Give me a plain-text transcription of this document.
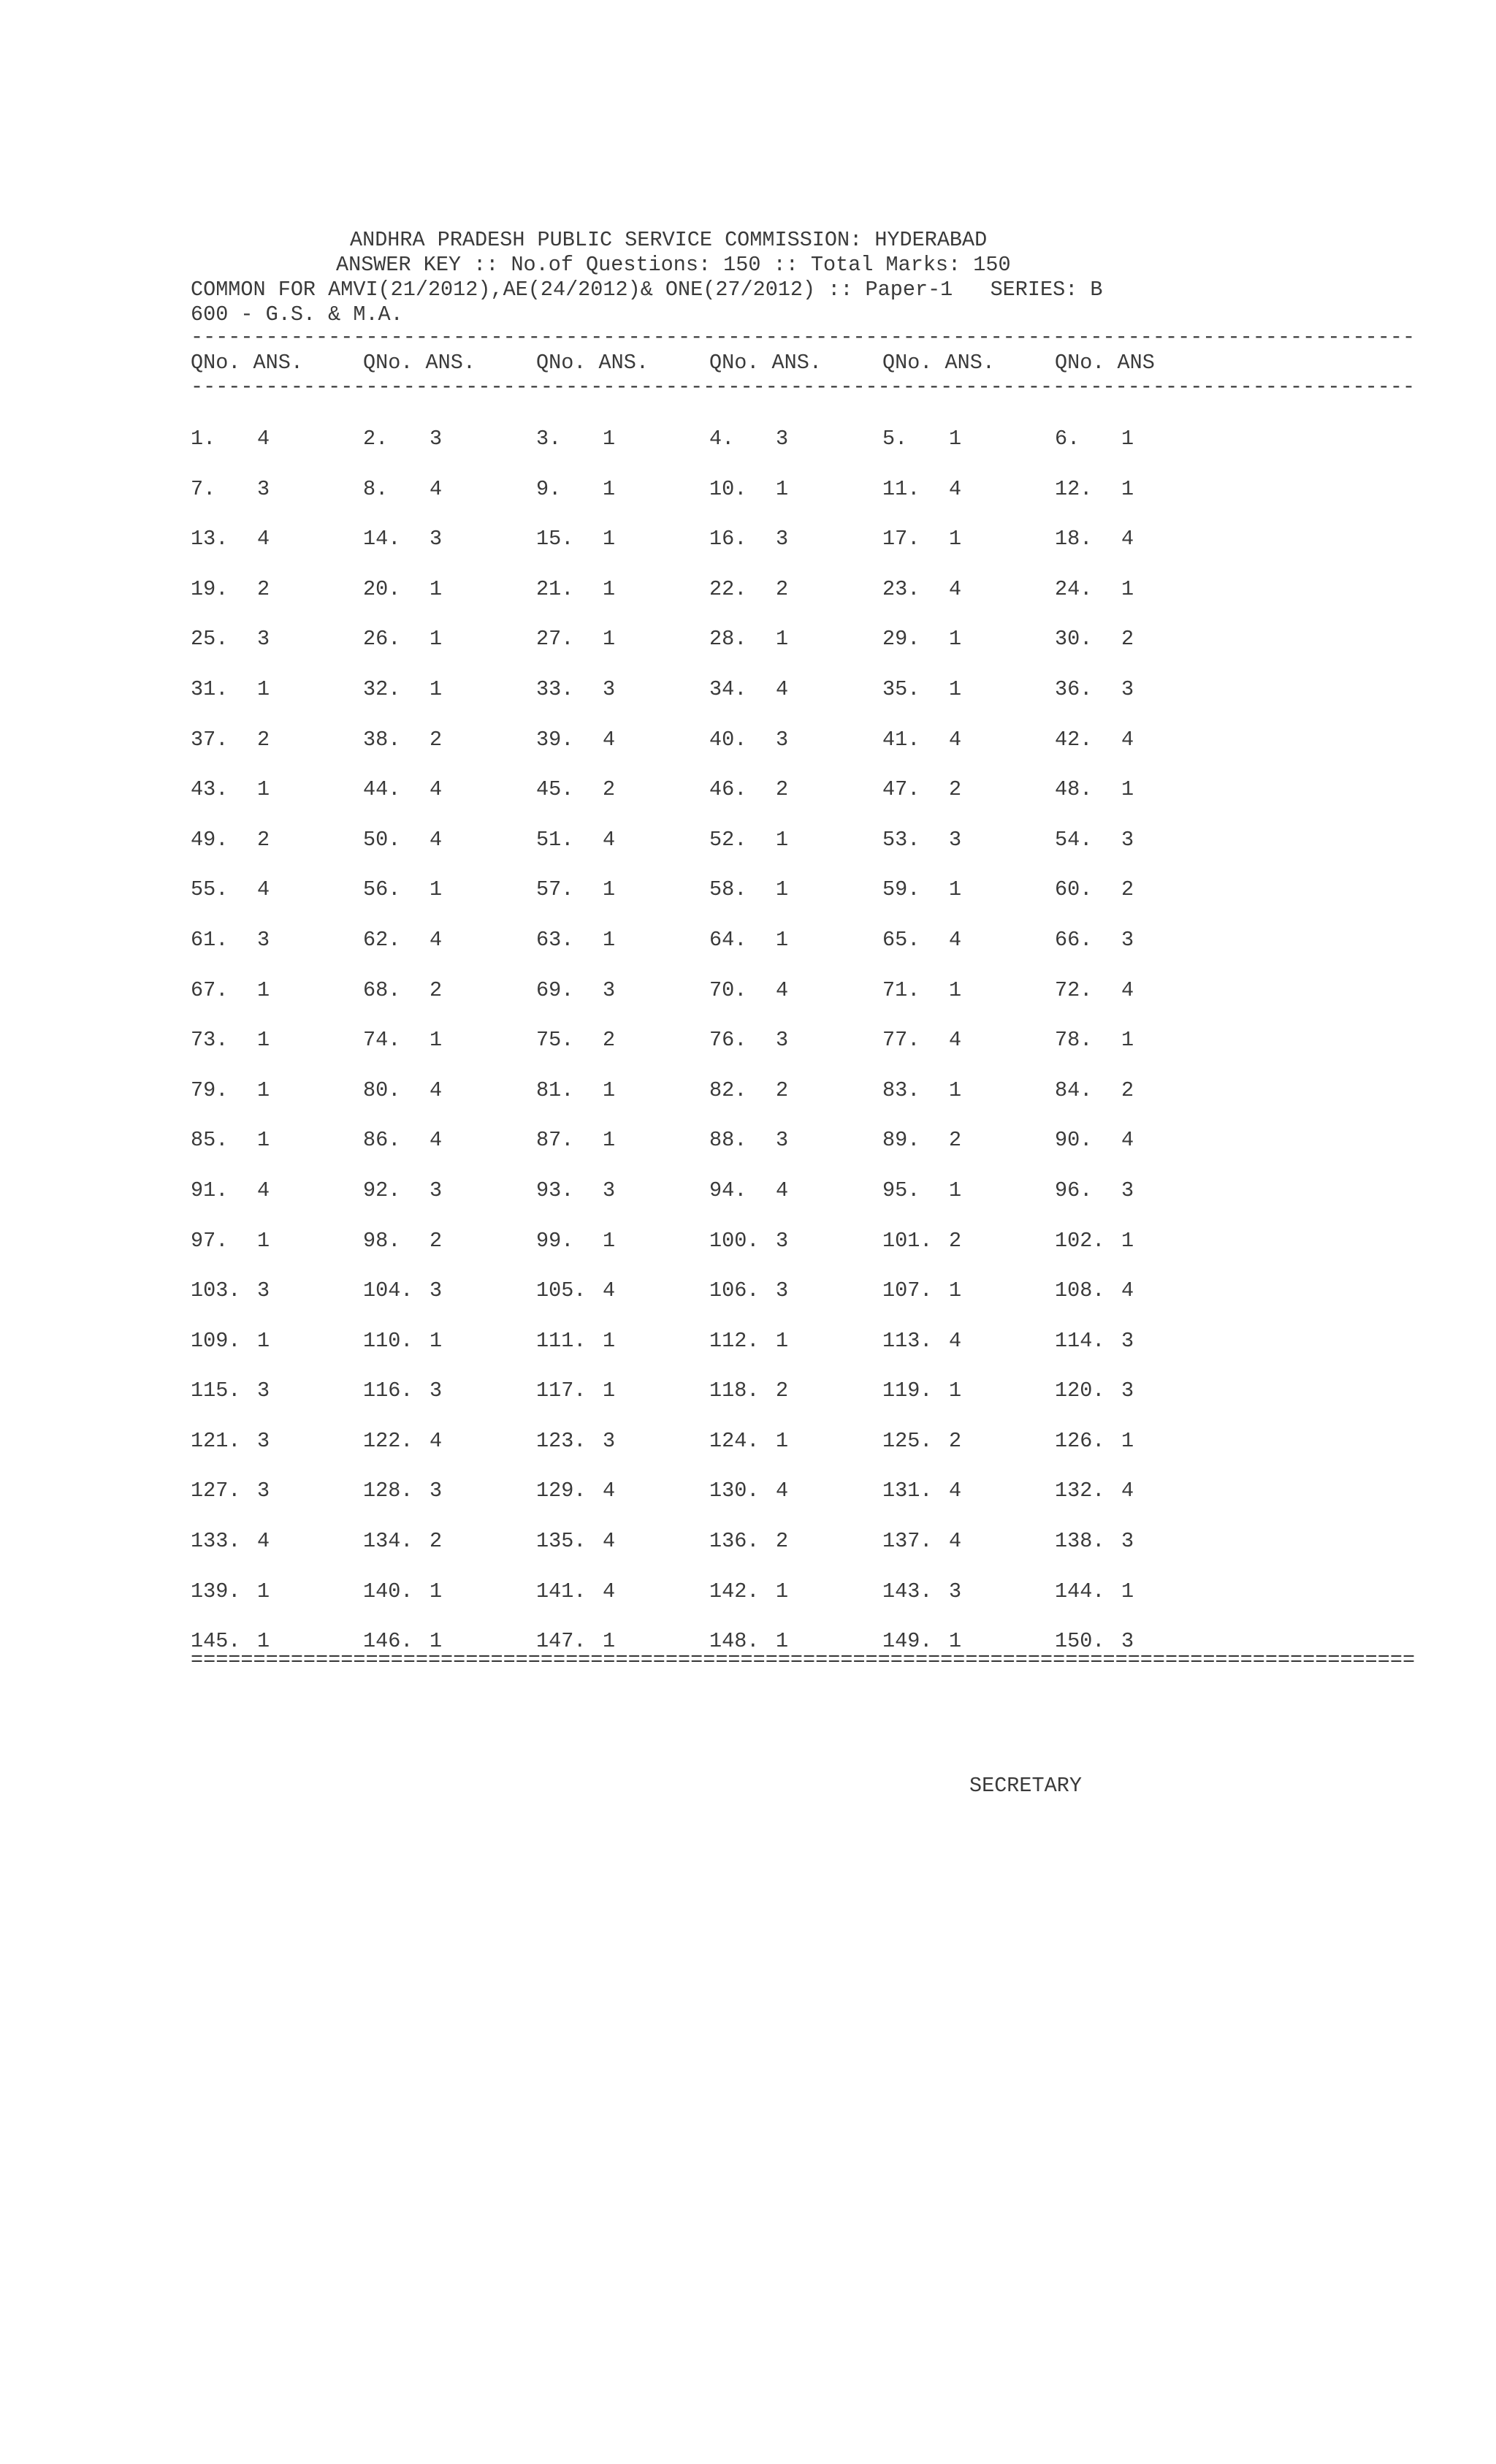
ANDHRA PRADESH PUBLIC SERVICE COMMISSION: HYDERABAD
ANSWER KEY :: No.of Questions: 150 :: Total Marks: 150
COMMON FOR AMVI(21/2012),AE(24/2012)& ONE(27/2012) :: Paper-1   SERIES: B
600 - G.S. & M.A.
--------------------------------------------------------------------------------------------------
QNo. ANS.	QNo. ANS.	QNo. ANS.	QNo. ANS.	QNo. ANS.	QNo. ANS
--------------------------------------------------------------------------------------------------
1. 4	2. 3	3. 1	4. 3	5. 1	6. 1
7. 3	8. 4	9. 1	10. 1	11. 4	12. 1
13. 4	14. 3	15. 1	16. 3	17. 1	18. 4
19. 2	20. 1	21. 1	22. 2	23. 4	24. 1
25. 3	26. 1	27. 1	28. 1	29. 1	30. 2
31. 1	32. 1	33. 3	34. 4	35. 1	36. 3
37. 2	38. 2	39. 4	40. 3	41. 4	42. 4
43. 1	44. 4	45. 2	46. 2	47. 2	48. 1
49. 2	50. 4	51. 4	52. 1	53. 3	54. 3
55. 4	56. 1	57. 1	58. 1	59. 1	60. 2
61. 3	62. 4	63. 1	64. 1	65. 4	66. 3
67. 1	68. 2	69. 3	70. 4	71. 1	72. 4
73. 1	74. 1	75. 2	76. 3	77. 4	78. 1
79. 1	80. 4	81. 1	82. 2	83. 1	84. 2
85. 1	86. 4	87. 1	88. 3	89. 2	90. 4
91. 4	92. 3	93. 3	94. 4	95. 1	96. 3
97. 1	98. 2	99. 1	100. 3	101. 2	102. 1
103. 3	104. 3	105. 4	106. 3	107. 1	108. 4
109. 1	110. 1	111. 1	112. 1	113. 4	114. 3
115. 3	116. 3	117. 1	118. 2	119. 1	120. 3
121. 3	122. 4	123. 3	124. 1	125. 2	126. 1
127. 3	128. 3	129. 4	130. 4	131. 4	132. 4
133. 4	134. 2	135. 4	136. 2	137. 4	138. 3
139. 1	140. 1	141. 4	142. 1	143. 3	144. 1
145. 1	146. 1	147. 1	148. 1	149. 1	150. 3
==================================================================================================
SECRETARY
